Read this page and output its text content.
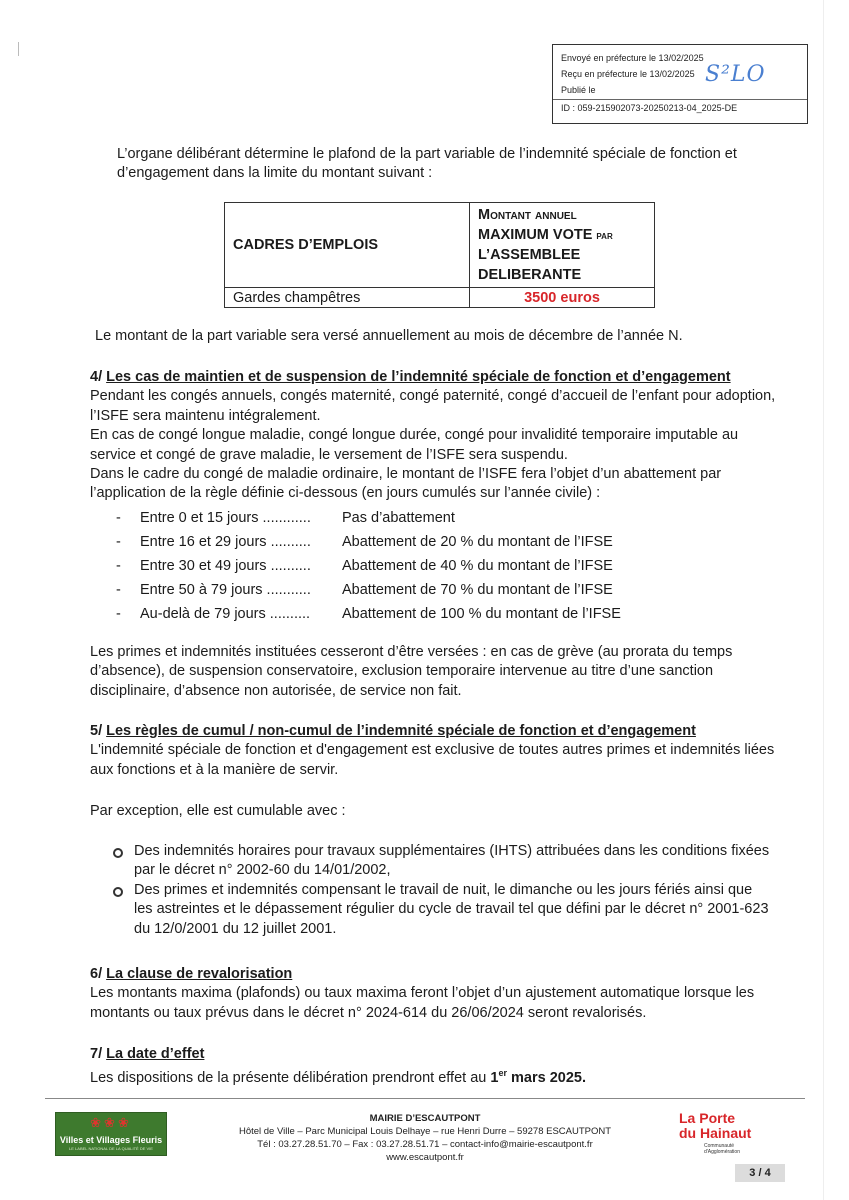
Envoyé en préfecture le 13/02/2025
Reçu en préfecture le 13/02/2025
Publié le
ID : 059-215902073-20250213-04_2025-DE
S²LO
L’organe délibérant détermine le plafond de la part variable de l’indemnité spéciale de fonction et d’engagement dans la limite du montant suivant :
CADRES D’EMPLOIS	Montant annuel
MAXIMUM VOTE par
L’ASSEMBLEE
DELIBERANTE

Gardes champêtres	3500 euros
Le montant de la part variable sera versé annuellement au mois de décembre de l’année N.
4/ Les cas de maintien et de suspension de l’indemnité spéciale de fonction et d’engagement
Pendant les congés annuels, congés maternité, congé paternité, congé d’accueil de l’enfant pour adoption, l’ISFE sera maintenu intégralement.
En cas de congé longue maladie, congé longue durée, congé pour invalidité temporaire imputable au service et congé de grave maladie, le versement de l’ISFE sera suspendu.
Dans le cadre du congé de maladie ordinaire, le montant de l’ISFE fera l’objet d’un abattement par l’application de la règle définie ci-dessous (en jours cumulés sur l’année civile) :
- Entre 0 et 15 jours ............ Pas d’abattement
- Entre 16 et 29 jours .......... Abattement de 20 % du montant de l’IFSE
- Entre 30 et 49 jours .......... Abattement de 40 % du montant de l’IFSE
- Entre 50 à 79 jours ........... Abattement de 70 % du montant de l’IFSE
- Au-delà de 79 jours .......... Abattement de 100 % du montant de l’IFSE
Les primes et indemnités instituées cesseront d’être versées : en cas de grève (au prorata du temps d’absence), de suspension conservatoire, exclusion temporaire intervenue au titre d’une sanction disciplinaire, d’absence non autorisée, de service non fait.
5/ Les règles de cumul / non-cumul de l’indemnité spéciale de fonction et d’engagement
L'indemnité spéciale de fonction et d'engagement est exclusive de toutes autres primes et indemnités liées aux fonctions et à la manière de servir.
Par exception, elle est cumulable avec :
Des indemnités horaires pour travaux supplémentaires (IHTS) attribuées dans les conditions fixées par le décret n° 2002-60 du 14/01/2002,
Des primes et indemnités compensant le travail de nuit, le dimanche ou les jours fériés ainsi que les astreintes et le dépassement régulier du cycle de travail tel que défini par le décret n° 2001-623 du 12/0/2001 du 12 juillet 2001.
6/ La clause de revalorisation
Les montants maxima (plafonds) ou taux maxima feront l’objet d’un ajustement automatique lorsque les montants ou taux prévus dans le décret n° 2024-614 du 26/06/2024 seront revalorisés.
7/ La date d’effet
Les dispositions de la présente délibération prendront effet au 1er mars 2025.
❀❀❀
Villes et Villages Fleuris
LE LABEL NATIONAL DE LA QUALITÉ DE VIE
MAIRIE D’ESCAUTPONT
Hôtel de Ville – Parc Municipal Louis Delhaye – rue Henri Durre – 59278 ESCAUTPONT
Tél : 03.27.28.51.70 – Fax : 03.27.28.51.71 – contact-info@mairie-escautpont.fr
www.escautpont.fr
La Porte
du Hainaut
Communauté d'Agglomération
3 / 4
